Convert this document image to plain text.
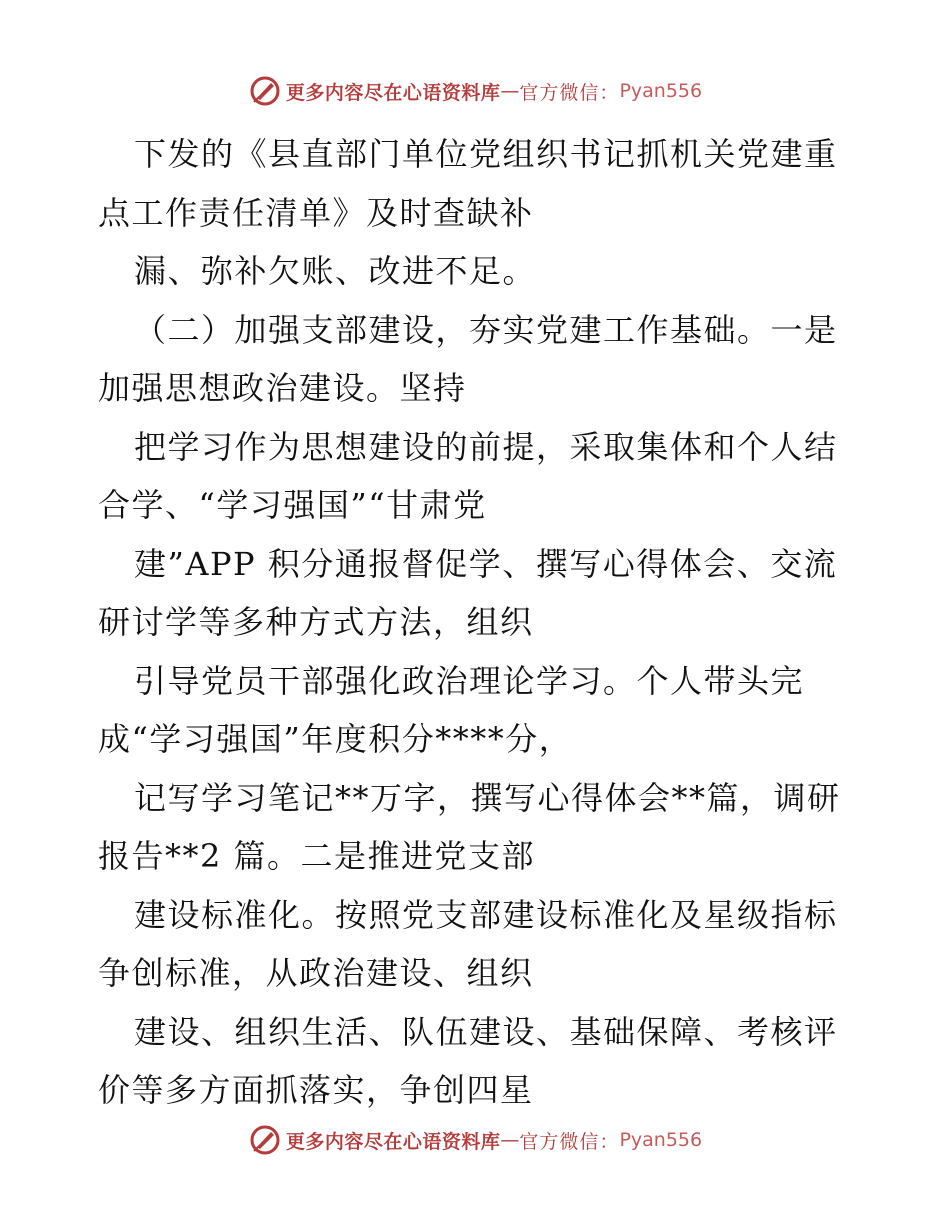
更多内容尽在心语资料库 — 官方微信： Pyan556
下发的《县直部门单位党组织书记抓机关党建重
点工作责任清单》及时查缺补
漏、弥补欠账、改进不足。
（二）加强支部建设，夯实党建工作基础。一是
加强思想政治建设。坚持
把学习作为思想建设的前提，采取集体和个人结
合学、“学习强国”“甘肃党
建”APP 积分通报督促学、撰写心得体会、交流
研讨学等多种方式方法，组织
引导党员干部强化政治理论学习。个人带头完
成“学习强国”年度积分****分，
记写学习笔记**万字，撰写心得体会**篇，调研
报告**2 篇。二是推进党支部
建设标准化。按照党支部建设标准化及星级指标
争创标准，从政治建设、组织
建设、组织生活、队伍建设、基础保障、考核评
价等多方面抓落实，争创四星
更多内容尽在心语资料库 — 官方微信： Pyan556
